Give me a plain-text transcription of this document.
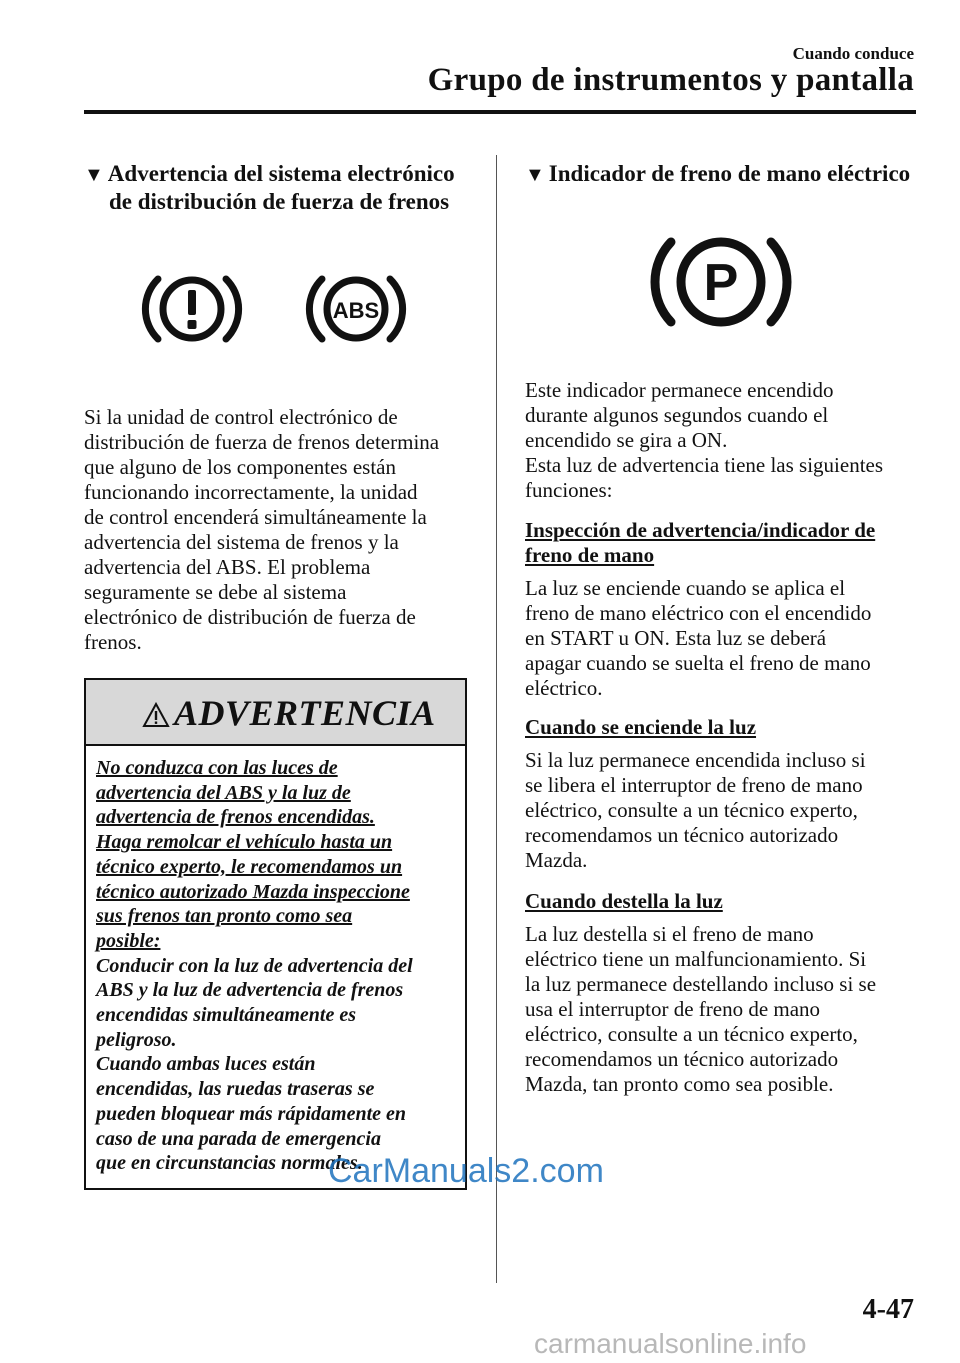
Cuando conduce
Grupo de instrumentos y pantalla
▼ Advertencia del sistema electrónico
de distribución de fuerza de frenos
ABS
Si la unidad de control electrónico de
distribución de fuerza de frenos determina
que alguno de los componentes están
funcionando incorrectamente, la unidad
de control encenderá simultáneamente la
advertencia del sistema de frenos y la
advertencia del ABS. El problema
seguramente se debe al sistema
electrónico de distribución de fuerza de
frenos.
ADVERTENCIA
No conduzca con las luces de
advertencia del ABS y la luz de
advertencia de frenos encendidas.
Haga remolcar el vehículo hasta un
técnico experto, le recomendamos un
técnico autorizado Mazda inspeccione
sus frenos tan pronto como sea
posible:
Conducir con la luz de advertencia del
ABS y la luz de advertencia de frenos
encendidas simultáneamente es
peligroso.
Cuando ambas luces están
encendidas, las ruedas traseras se
pueden bloquear más rápidamente en
caso de una parada de emergencia
que en circunstancias normales.
▼ Indicador de freno de mano eléctrico
P
Este indicador permanece encendido
durante algunos segundos cuando el
encendido se gira a ON.
Esta luz de advertencia tiene las siguientes
funciones:
Inspección de advertencia/indicador de
freno de mano
La luz se enciende cuando se aplica el
freno de mano eléctrico con el encendido
en START u ON. Esta luz se deberá
apagar cuando se suelta el freno de mano
eléctrico.
Cuando se enciende la luz
Si la luz permanece encendida incluso si
se libera el interruptor de freno de mano
eléctrico, consulte a un técnico experto,
recomendamos un técnico autorizado
Mazda.
Cuando destella la luz
La luz destella si el freno de mano
eléctrico tiene un malfuncionamiento. Si
la luz permanece destellando incluso si se
usa el interruptor de freno de mano
eléctrico, consulte a un técnico experto,
recomendamos un técnico autorizado
Mazda, tan pronto como sea posible.
4-47
CarManuals2.com
carmanualsonline.info
